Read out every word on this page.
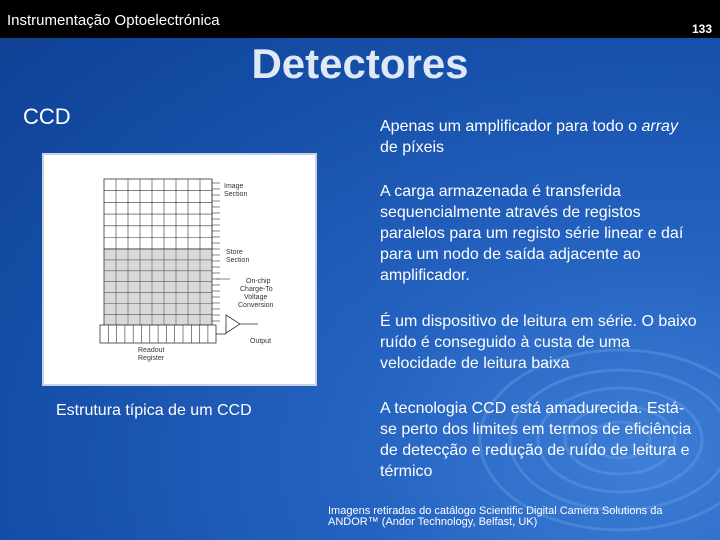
Instrumentação Optoelectrónica	133
Detectores
CCD
Image Section
Store Section
On-chip Charge-To Voltage Conversion
Output
Readout Register
Estrutura típica de um CCD
Apenas um amplificador para todo o array de píxeis
A carga armazenada é transferida sequencialmente através de registos paralelos para um registo série linear e daí para um nodo de saída adjacente ao amplificador.
É um dispositivo de leitura em série. O baixo ruído é conseguido à custa de uma velocidade de leitura baixa
A tecnologia CCD está amadurecida. Está-se perto dos limites em termos de eficiência de detecção e redução de ruído de leitura e térmico
Imagens retiradas do catálogo Scientific Digital Camera Solutions da
ANDOR™ (Andor Technology, Belfast, UK)
